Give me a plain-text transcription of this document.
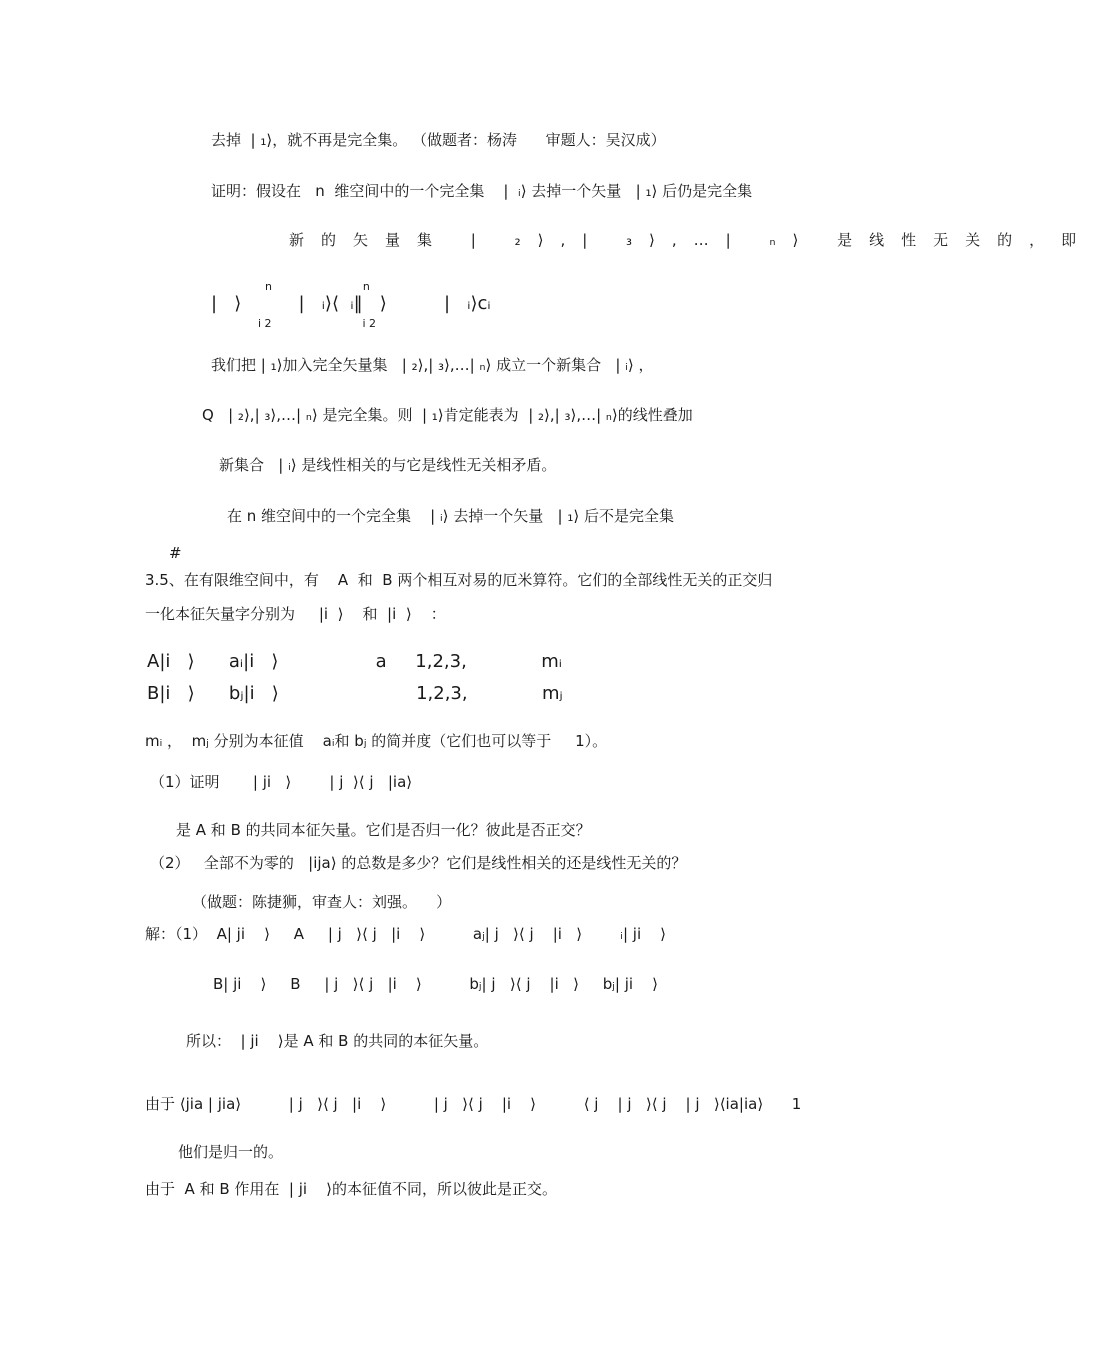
去掉  | ₁⟩，就不再是完全集。 （做题者：杨涛      审题人：吴汉成）
证明：假设在   n  维空间中的一个完全集    |  ᵢ⟩ 去掉一个矢量   | ₁⟩ 后仍是完全集
新的矢量集 | ₂⟩,| ₃⟩,…| ₙ⟩ 是线性无关的，即
n                          n
|   ⟩          |   ᵢ⟩⟨  ᵢ‖   ⟩          |   ᵢ⟩cᵢ
i 2                          i 2
我们把 | ₁⟩加入完全矢量集   | ₂⟩,| ₃⟩,…| ₙ⟩ 成立一个新集合   | ᵢ⟩ ，
Q   | ₂⟩,| ₃⟩,…| ₙ⟩ 是完全集。则  | ₁⟩肯定能表为  | ₂⟩,| ₃⟩,…| ₙ⟩的线性叠加
新集合   | ᵢ⟩ 是线性相关的与它是线性无关相矛盾。
在 n 维空间中的一个完全集    | ᵢ⟩ 去掉一个矢量   | ₁⟩ 后不是完全集
#
3.5、在有限维空间中，有    A  和  B 两个相互对易的厄米算符。它们的全部线性无关的正交归
一化本征矢量字分别为     |i  ⟩    和  |i  ⟩    ：
A|i   ⟩      aᵢ|i   ⟩                 a     1,2,3,             mᵢ
B|i   ⟩      bⱼ|i   ⟩                        1,2,3,             mⱼ
mᵢ ，  mⱼ 分别为本征值    aᵢ和 bⱼ 的简并度（它们也可以等于     1）。
（1）证明       | ji   ⟩        | j  ⟩⟨ j   |ia⟩
是 A 和 B 的共同本征矢量。它们是否归一化？彼此是否正交？
（2）   全部不为零的   |ija⟩ 的总数是多少？它们是线性相关的还是线性无关的？
（做题：陈捷狮，审查人：刘强。    ）
解：（1）  A| ji    ⟩     A     | j   ⟩⟨ j   |i    ⟩          aⱼ| j   ⟩⟨ j    |i   ⟩        ᵢ| ji    ⟩
B| ji    ⟩     B     | j   ⟩⟨ j   |i    ⟩          bⱼ| j   ⟩⟨ j    |i   ⟩     bⱼ| ji    ⟩
所以：  | ji    ⟩是 A 和 B 的共同的本征矢量。
由于 ⟨jia | jia⟩          | j   ⟩⟨ j   |i    ⟩          | j   ⟩⟨ j    |i    ⟩          ⟨ j    | j   ⟩⟨ j    | j   ⟩⟨ia|ia⟩      1
他们是归一的。
由于  A 和 B 作用在  | ji    ⟩的本征值不同，所以彼此是正交。
